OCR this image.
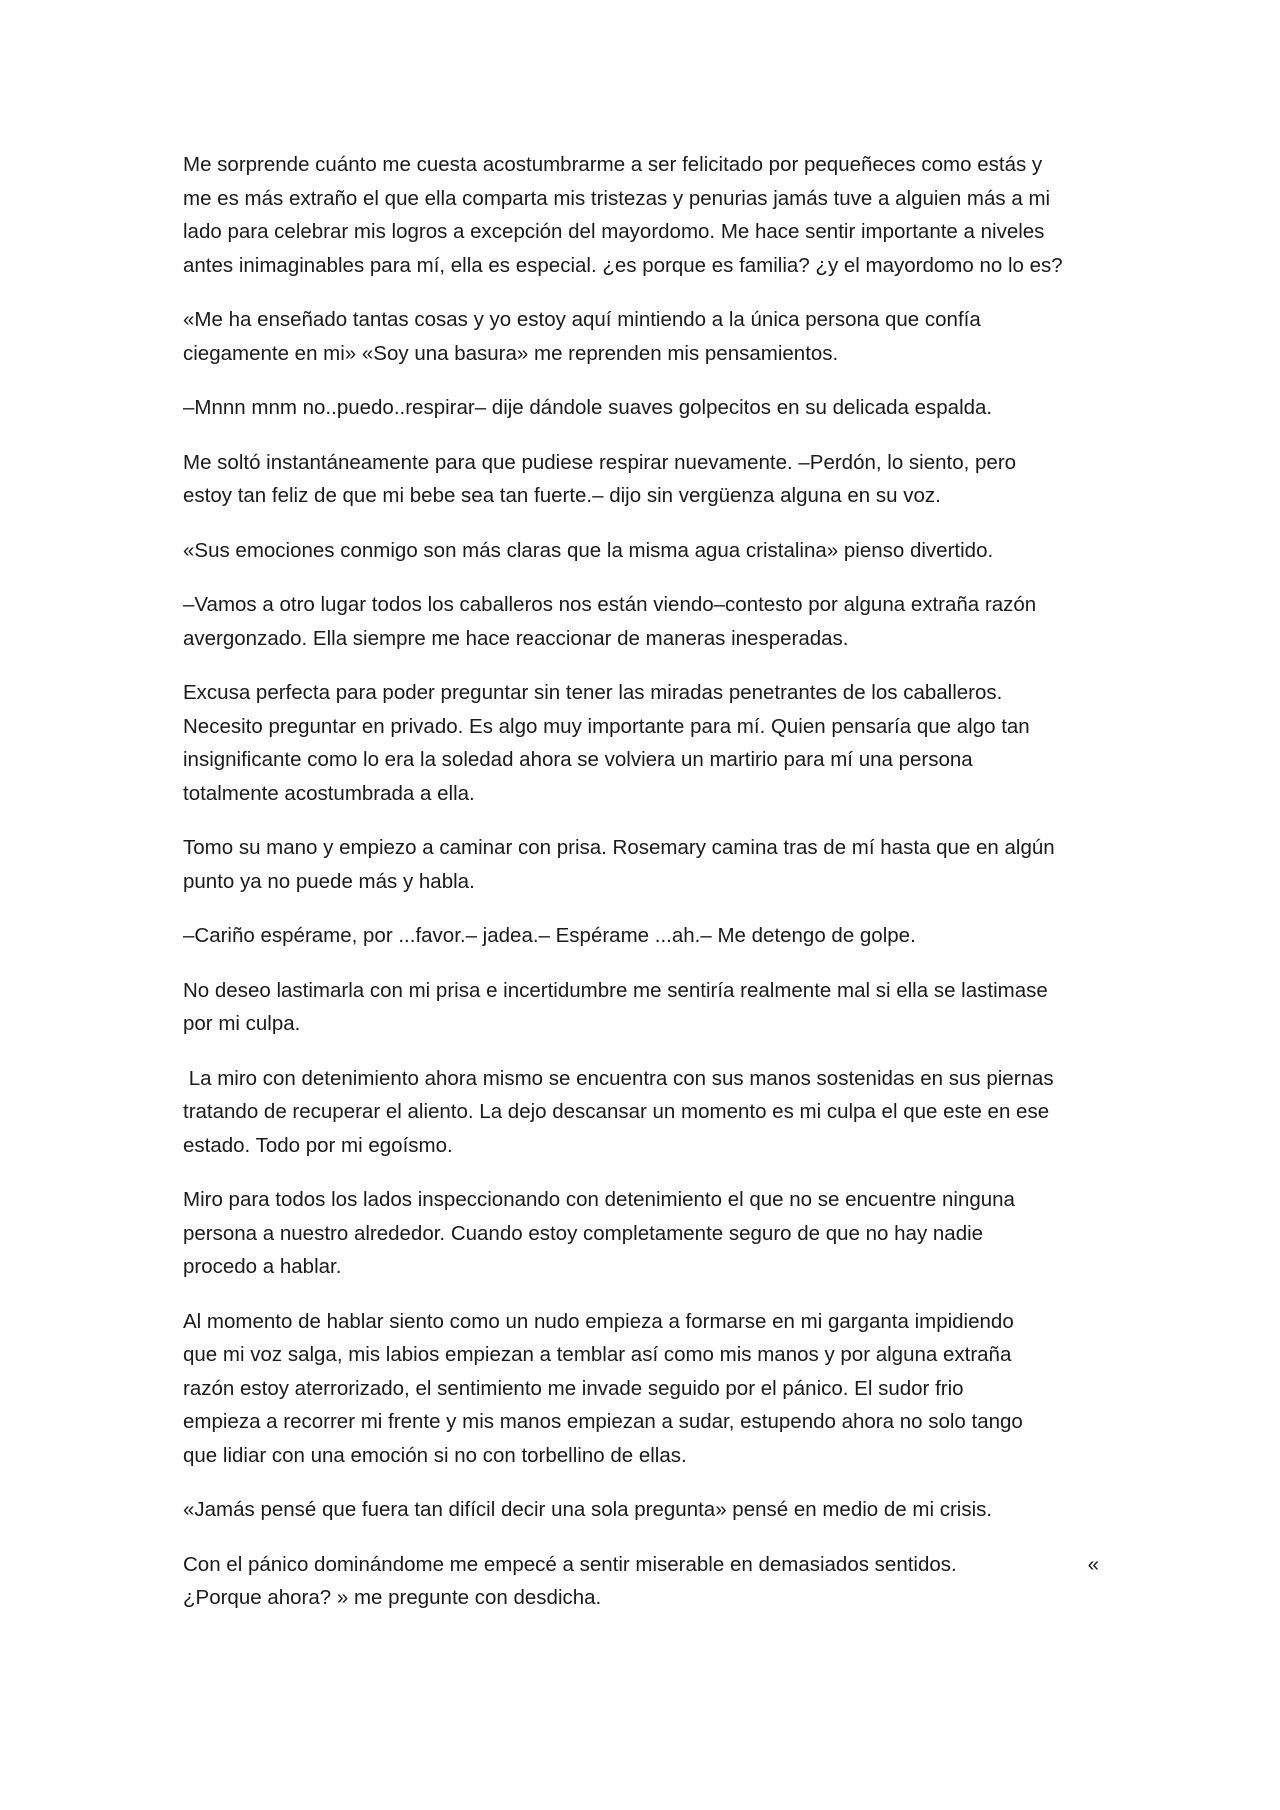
Me sorprende cuánto me cuesta acostumbrarme a ser felicitado por pequeñeces como estás y
me es más extraño el que ella comparta mis tristezas y penurias jamás tuve a alguien más a mi
lado para celebrar mis logros a excepción del mayordomo. Me hace sentir importante a niveles
antes inimaginables para mí, ella es especial. ¿es porque es familia? ¿y el mayordomo no lo es?

«Me ha enseñado tantas cosas y yo estoy aquí mintiendo a la única persona que confía
ciegamente en mi» «Soy una basura» me reprenden mis pensamientos.

–Mnnn mnm no..puedo..respirar– dije dándole suaves golpecitos en su delicada espalda.

Me soltó instantáneamente para que pudiese respirar nuevamente. –Perdón, lo siento, pero
estoy tan feliz de que mi bebe sea tan fuerte.– dijo sin vergüenza alguna en su voz.

«Sus emociones conmigo son más claras que la misma agua cristalina» pienso divertido.

–Vamos a otro lugar todos los caballeros nos están viendo–contesto por alguna extraña razón
avergonzado. Ella siempre me hace reaccionar de maneras inesperadas.

Excusa perfecta para poder preguntar sin tener las miradas penetrantes de los caballeros.
Necesito preguntar en privado. Es algo muy importante para mí. Quien pensaría que algo tan
insignificante como lo era la soledad ahora se volviera un martirio para mí una persona
totalmente acostumbrada a ella.

Tomo su mano y empiezo a caminar con prisa. Rosemary camina tras de mí hasta que en algún
punto ya no puede más y habla.

–Cariño espérame, por ...favor.– jadea.– Espérame ...ah.– Me detengo de golpe.

No deseo lastimarla con mi prisa e incertidumbre me sentiría realmente mal si ella se lastimase
por mi culpa.

La miro con detenimiento ahora mismo se encuentra con sus manos sostenidas en sus piernas
tratando de recuperar el aliento. La dejo descansar un momento es mi culpa el que este en ese
estado. Todo por mi egoísmo.

Miro para todos los lados inspeccionando con detenimiento el que no se encuentre ninguna
persona a nuestro alrededor. Cuando estoy completamente seguro de que no hay nadie
procedo a hablar.

Al momento de hablar siento como un nudo empieza a formarse en mi garganta impidiendo
que mi voz salga, mis labios empiezan a temblar así como mis manos y por alguna extraña
razón estoy aterrorizado, el sentimiento me invade seguido por el pánico. El sudor frio
empieza a recorrer mi frente y mis manos empiezan a sudar, estupendo ahora no solo tango
que lidiar con una emoción si no con torbellino de ellas.

«Jamás pensé que fuera tan difícil decir una sola pregunta» pensé en medio de mi crisis.

Con el pánico dominándome me empecé a sentir miserable en demasiados sentidos.	«
¿Porque ahora? » me pregunte con desdicha.
